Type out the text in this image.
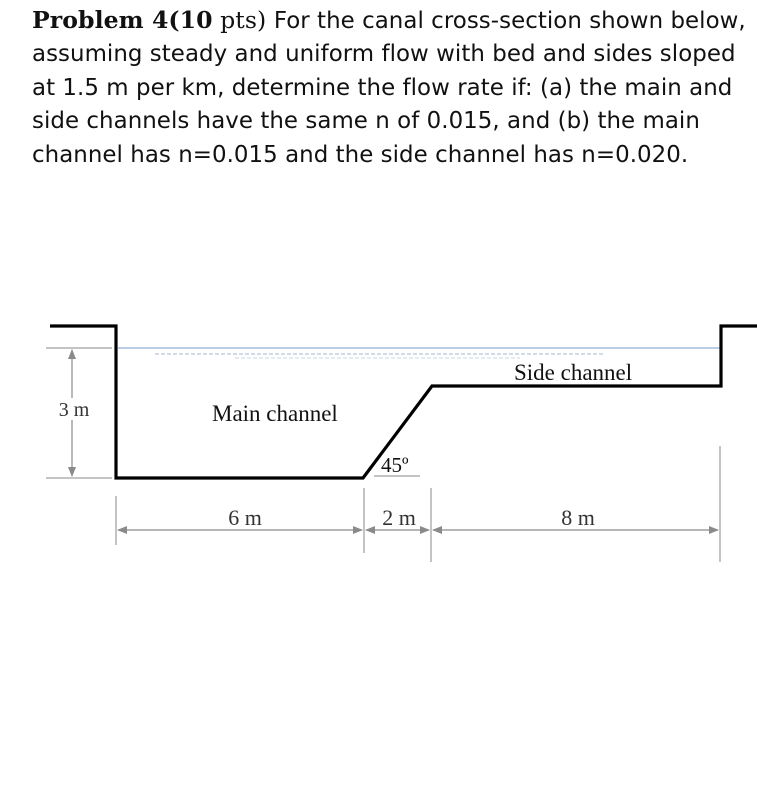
Problem 4(10 pts) For the canal cross-section shown below, assuming steady and uniform flow with bed and sides sloped at 1.5 m per km, determine the flow rate if: (a) the main and side channels have the same n of 0.015, and (b) the main channel has n=0.015 and the side channel has n=0.020.
3 m	Main channel
Side channel
45º
6 m	2 m	8 m
